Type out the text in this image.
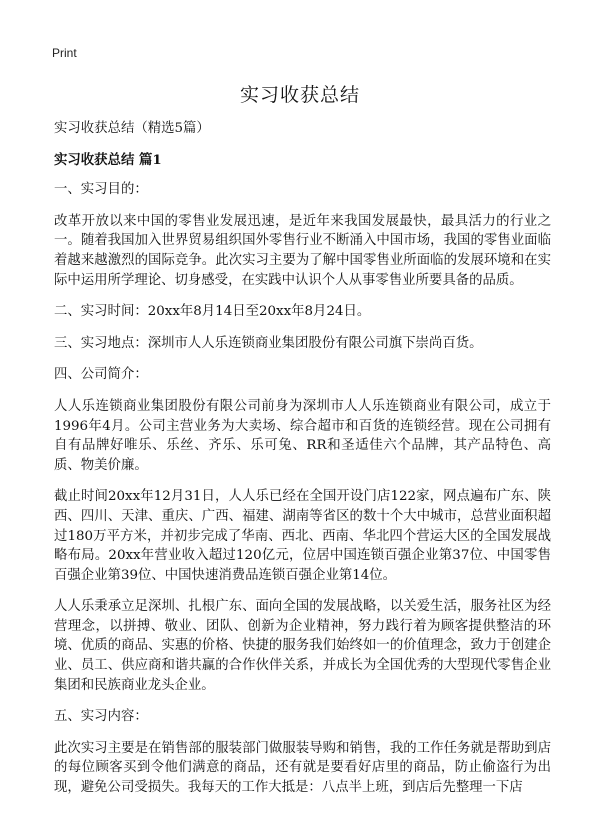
Print
实习收获总结

实习收获总结（精选5篇）

实习收获总结 篇1

一、实习目的：

改革开放以来中国的零售业发展迅速，是近年来我国发展最快，最具活力的行业之一。随着我国加入世界贸易组织国外零售行业不断涌入中国市场，我国的零售业面临着越来越激烈的国际竞争。此次实习主要为了解中国零售业所面临的发展环境和在实际中运用所学理论、切身感受，在实践中认识个人从事零售业所要具备的品质。

二、实习时间：20xx年8月14日至20xx年8月24日。

三、实习地点：深圳市人人乐连锁商业集团股份有限公司旗下崇尚百货。

四、公司简介：

人人乐连锁商业集团股份有限公司前身为深圳市人人乐连锁商业有限公司，成立于1996年4月。公司主营业务为大卖场、综合超市和百货的连锁经营。现在公司拥有自有品牌好唯乐、乐丝、齐乐、乐可兔、RR和圣适佳六个品牌，其产品特色、高质、物美价廉。

截止时间20xx年12月31日，人人乐已经在全国开设门店122家，网点遍布广东、陕西、四川、天津、重庆、广西、福建、湖南等省区的数十个大中城市，总营业面积超过180万平方米，并初步完成了华南、西北、西南、华北四个营运大区的全国发展战略布局。20xx年营业收入超过120亿元，位居中国连锁百强企业第37位、中国零售百强企业第39位、中国快速消费品连锁百强企业第14位。

人人乐秉承立足深圳、扎根广东、面向全国的发展战略，以关爱生活，服务社区为经营理念，以拼搏、敬业、团队、创新为企业精神，努力践行着为顾客提供整洁的环境、优质的商品、实惠的价格、快捷的服务我们始终如一的价值理念，致力于创建企业、员工、供应商和谐共赢的合作伙伴关系，并成长为全国优秀的大型现代零售企业集团和民族商业龙头企业。

五、实习内容：

此次实习主要是在销售部的服装部门做服装导购和销售，我的工作任务就是帮助到店的每位顾客买到令他们满意的商品，还有就是要看好店里的商品，防止偷盗行为出现，避免公司受损失。我每天的工作大抵是：八点半上班，到店后先整理一下店
